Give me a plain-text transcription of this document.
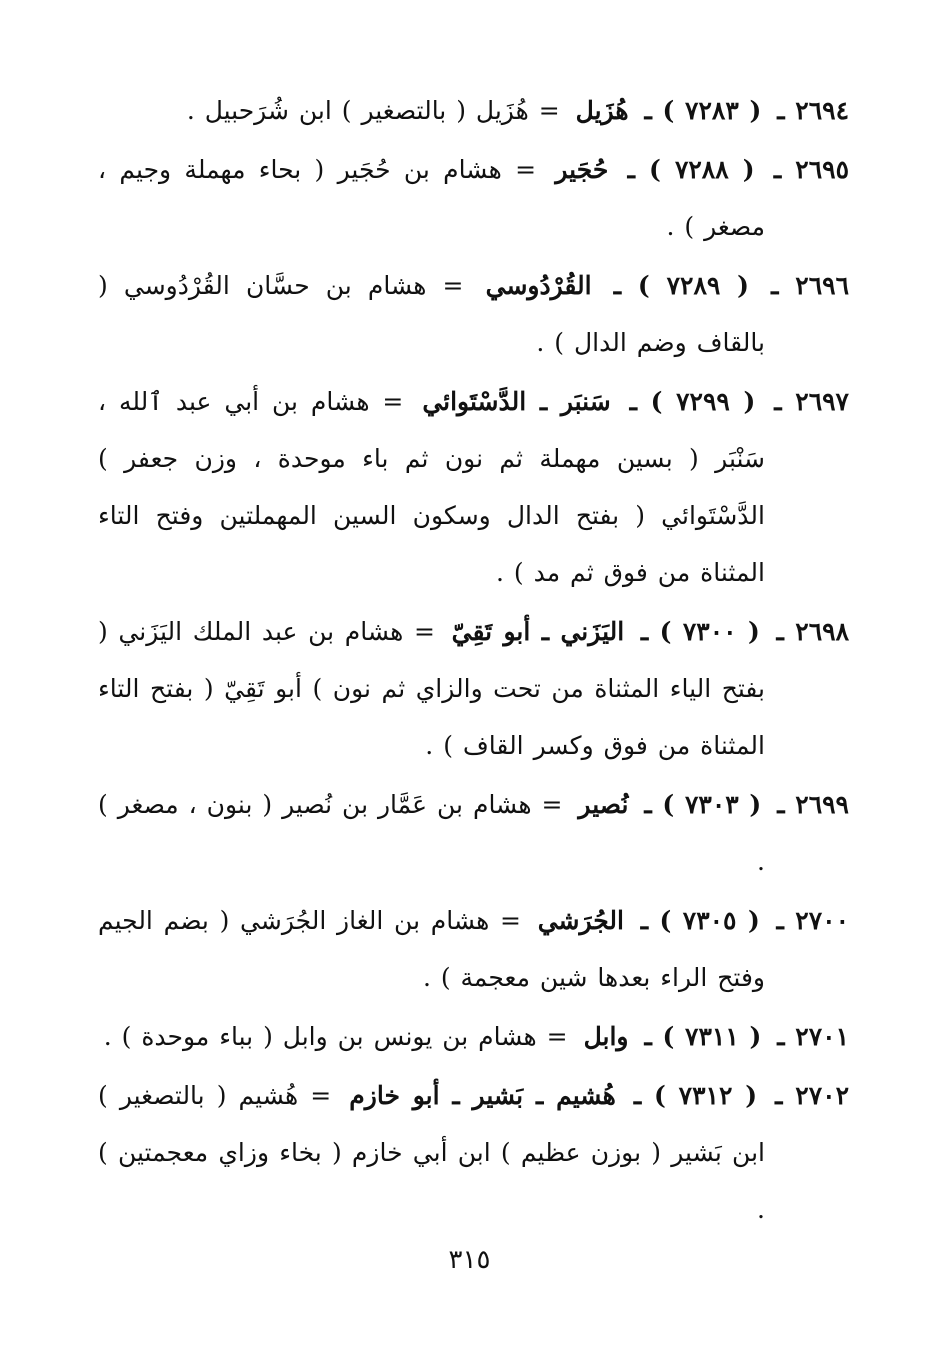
٢٦٩٤ ـ ( ٧٢٨٣ ) ـ هُزَيل = هُزَيل ( بالتصغير ) ابن شُرَحبيل .

٢٦٩٥ ـ ( ٧٢٨٨ ) ـ حُجَير = هشام بن حُجَير ( بحاء مهملة وجيم ، مصغر ) .

٢٦٩٦ ـ ( ٧٢٨٩ ) ـ القُرْدُوسي = هشام بن حسَّان القُرْدُوسي ( بالقاف وضم الدال ) .

٢٦٩٧ ـ ( ٧٢٩٩ ) ـ سَنبَر ـ الدَّسْتَوائي = هشام بن أبي عبد ٱلله ، سَنْبَر ( بسين مهملة ثم نون ثم باء موحدة ، وزن جعفر ) الدَّسْتَوائي ( بفتح الدال وسكون السين المهملتين وفتح التاء المثناة من فوق ثم مد ) .

٢٦٩٨ ـ ( ٧٣٠٠ ) ـ اليَزَني ـ أبو تَقِيّ = هشام بن عبد الملك اليَزَني ( بفتح الياء المثناة من تحت والزاي ثم نون ) أبو تَقِيّ ( بفتح التاء المثناة من فوق وكسر القاف ) .

٢٦٩٩ ـ ( ٧٣٠٣ ) ـ نُصير = هشام بن عَمَّار بن نُصير ( بنون ، مصغر ) .

٢٧٠٠ ـ ( ٧٣٠٥ ) ـ الجُرَشي = هشام بن الغاز الجُرَشي ( بضم الجيم وفتح الراء بعدها شين معجمة ) .

٢٧٠١ ـ ( ٧٣١١ ) ـ وابل = هشام بن يونس بن وابل ( بباء موحدة ) .

٢٧٠٢ ـ ( ٧٣١٢ ) ـ هُشيم ـ بَشير ـ أبو خازم = هُشيم ( بالتصغير ) ابن بَشير ( بوزن عظيم ) ابن أبي خازم ( بخاء وزاي معجمتين ) .

٣١٥
